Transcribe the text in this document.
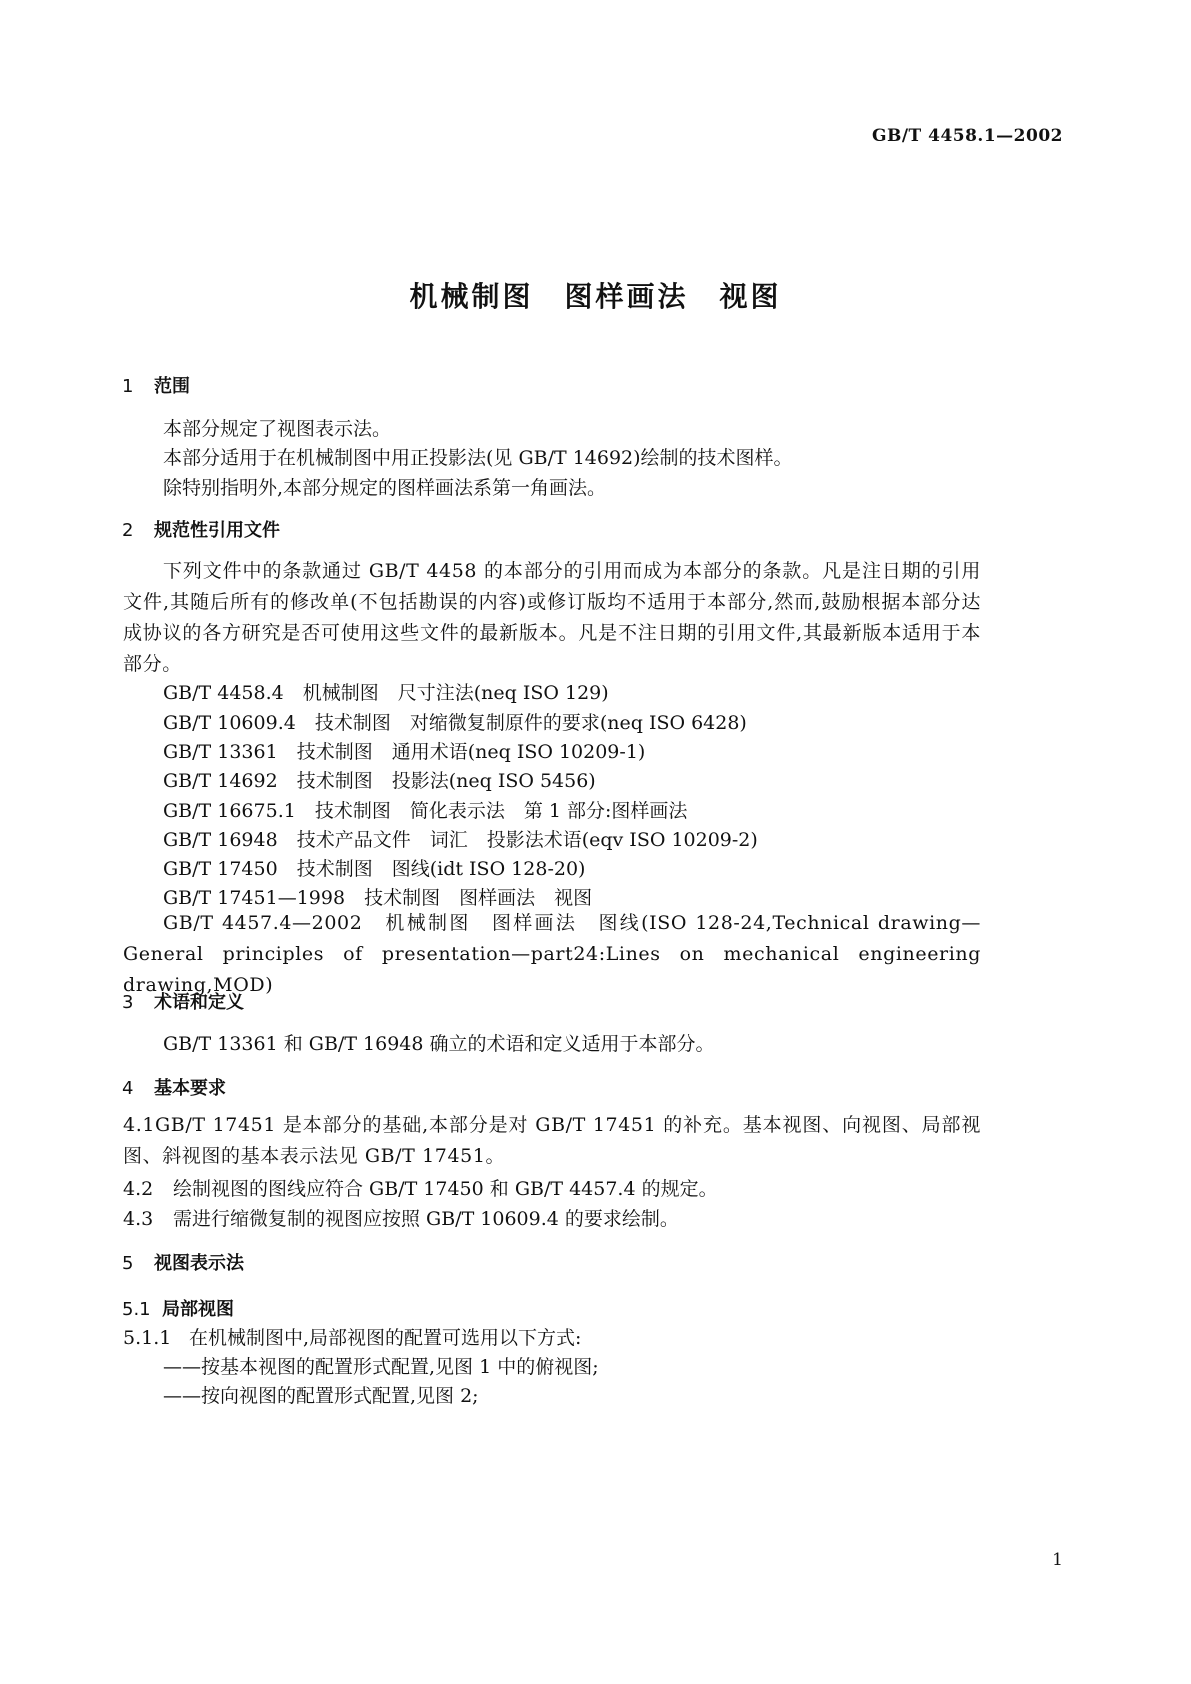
GB/T 4458.1—2002
机械制图　图样画法　视图
1 范围
本部分规定了视图表示法。
本部分适用于在机械制图中用正投影法(见 GB/T 14692)绘制的技术图样。
除特别指明外,本部分规定的图样画法系第一角画法。
2 规范性引用文件
下列文件中的条款通过 GB/T 4458 的本部分的引用而成为本部分的条款。凡是注日期的引用文件,其随后所有的修改单(不包括勘误的内容)或修订版均不适用于本部分,然而,鼓励根据本部分达成协议的各方研究是否可使用这些文件的最新版本。凡是不注日期的引用文件,其最新版本适用于本部分。
GB/T 4458.4　 机械制图　尺寸注法(neq ISO 129)
GB/T 10609.4　 技术制图　对缩微复制原件的要求(neq ISO 6428)
GB/T 13361　 技术制图　通用术语(neq ISO 10209-1)
GB/T 14692　 技术制图　投影法(neq ISO 5456)
GB/T 16675.1　 技术制图　简化表示法　第 1 部分:图样画法
GB/T 16948　 技术产品文件　词汇　投影法术语(eqv ISO 10209-2)
GB/T 17450　 技术制图　图线(idt ISO 128-20)
GB/T 17451—1998　 技术制图　图样画法　视图
GB/T 4457.4—2002　机械制图　图样画法　图线(ISO 128-24,Technical drawing—General principles of presentation—part24:Lines on mechanical engineering drawing,MOD)
3 术语和定义
GB/T 13361 和 GB/T 16948 确立的术语和定义适用于本部分。
4 基本要求
4.1GB/T 17451 是本部分的基础,本部分是对 GB/T 17451 的补充。基本视图、向视图、局部视图、斜视图的基本表示法见 GB/T 17451。
4.2 绘制视图的图线应符合 GB/T 17450 和 GB/T 4457.4 的规定。
4.3 需进行缩微复制的视图应按照 GB/T 10609.4 的要求绘制。
5 视图表示法
5.1 局部视图
5.1.1 在机械制图中,局部视图的配置可选用以下方式:
——按基本视图的配置形式配置,见图 1 中的俯视图;
——按向视图的配置形式配置,见图 2;
1
